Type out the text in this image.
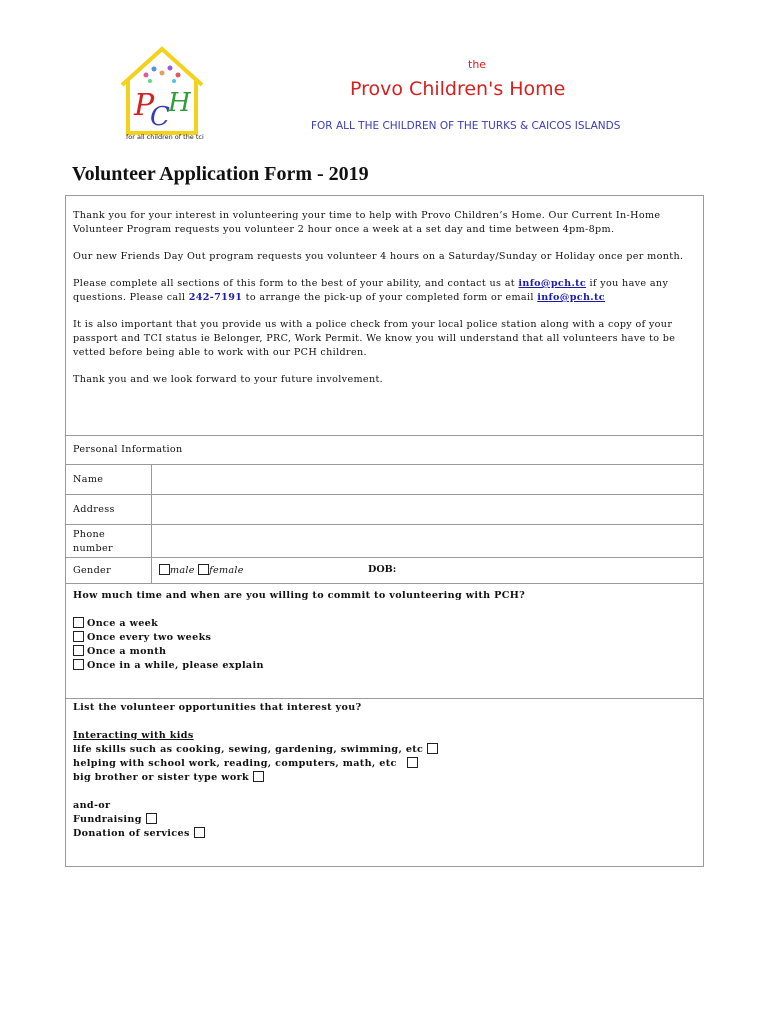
P
C
H
for all children of the tci
the
Provo Children's Home
FOR ALL THE CHILDREN OF THE TURKS & CAICOS ISLANDS
Volunteer Application Form - 2019

Thank you for your interest in volunteering your time to help with Provo Children’s Home. Our Current In-Home Volunteer Program requests you volunteer 2 hour once a week at a set day and time between 4pm-8pm.

Our new Friends Day Out program requests you volunteer 4 hours on a Saturday/Sunday or Holiday once per month.

Please complete all sections of this form to the best of your ability, and contact us at info@pch.tc if you have any questions. Please call 242-7191 to arrange the pick-up of your completed form or email info@pch.tc

It is also important that you provide us with a police check from your local police station along with a copy of your passport and TCI status ie Belonger, PRC, Work Permit. We know you will understand that all volunteers have to be vetted before being able to work with our PCH children.

Thank you and we look forward to your future involvement.

Personal Information
Name
Address
Phone
number
Gender	male female	DOB:
How much time and when are you willing to commit to volunteering with PCH?
Once a week
Once every two weeks
Once a month
Once in a while, please explain
List the volunteer opportunities that interest you?
Interacting with kids
life skills such as cooking, sewing, gardening, swimming, etc
helping with school work, reading, computers, math, etc
big brother or sister type work
and-or
Fundraising
Donation of services
